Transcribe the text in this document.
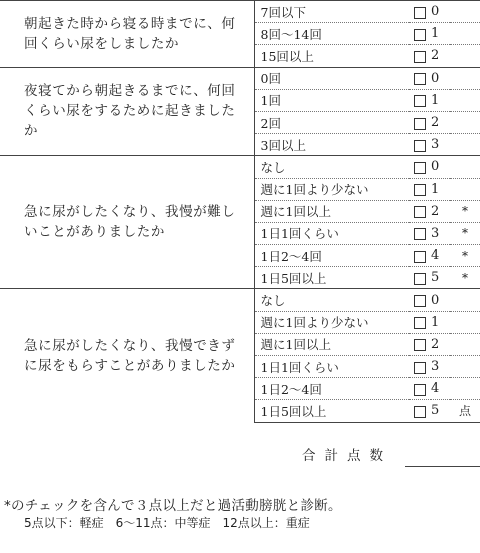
朝起きた時から寝る時までに、何回くらい尿をしましたか	7回以下		0	
	8回～14回		1	
	15回以上		2	
夜寝てから朝起きるまでに、何回くらい尿をするために起きましたか	0回		0	
	1回		1	
	2回		2	
	3回以上		3	
急に尿がしたくなり、我慢が難しいことがありましたか	なし		0	
	週に1回より少ない		1	
	週に1回以上		2	*
	1日1回くらい		3	*
	1日2～4回		4	*
	1日5回以上		5	*
急に尿がしたくなり、我慢できずに尿をもらすことがありましたか	なし		0	
	週に1回より少ない		1	
	週に1回以上		2	
	1日1回くらい		3	
	1日2～4回		4	
	1日5回以上		5	点
合計点数
*のチェックを含んで３点以上だと過活動膀胱と診断。
5点以下：軽症　6～11点：中等症　12点以上：重症
